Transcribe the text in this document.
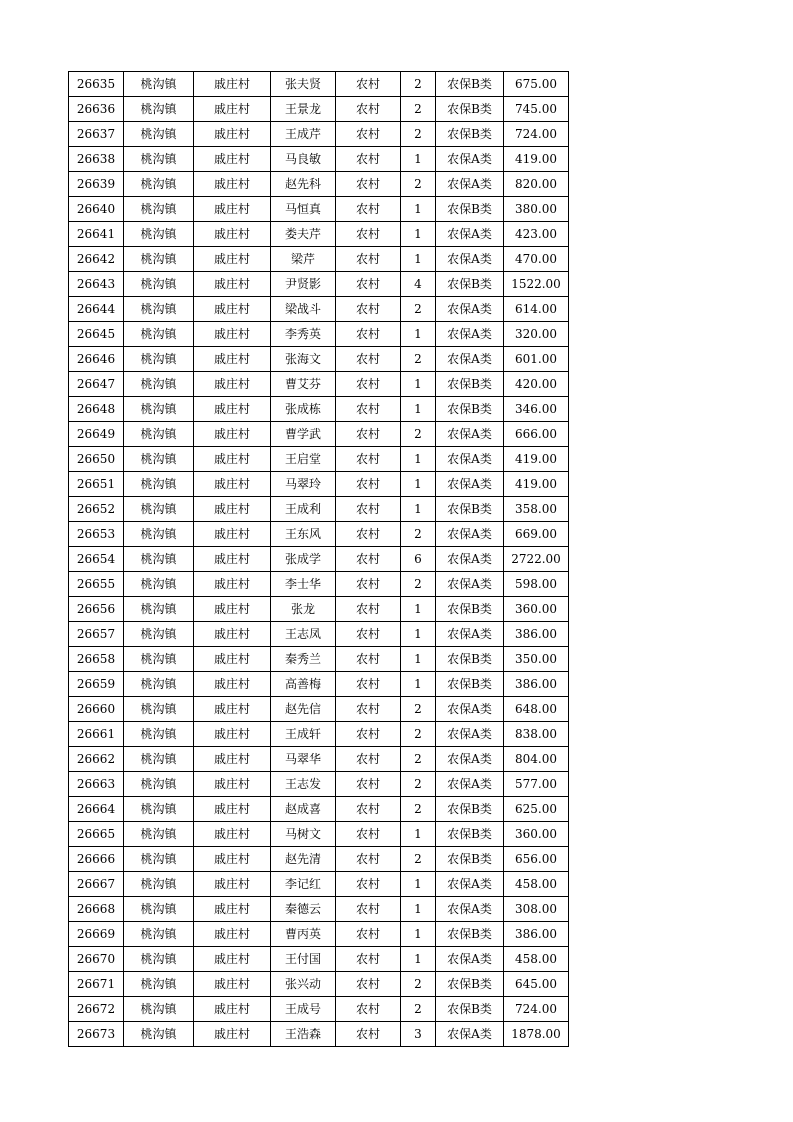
26635	桃沟镇	戚庄村	张夫贤	农村	2	农保B类	675.00
26636	桃沟镇	戚庄村	王景龙	农村	2	农保B类	745.00
26637	桃沟镇	戚庄村	王成芹	农村	2	农保B类	724.00
26638	桃沟镇	戚庄村	马良敏	农村	1	农保A类	419.00
26639	桃沟镇	戚庄村	赵先科	农村	2	农保A类	820.00
26640	桃沟镇	戚庄村	马恒真	农村	1	农保B类	380.00
26641	桃沟镇	戚庄村	娄夫芹	农村	1	农保A类	423.00
26642	桃沟镇	戚庄村	梁芹	农村	1	农保A类	470.00
26643	桃沟镇	戚庄村	尹贤影	农村	4	农保B类	1522.00
26644	桃沟镇	戚庄村	梁战斗	农村	2	农保A类	614.00
26645	桃沟镇	戚庄村	李秀英	农村	1	农保A类	320.00
26646	桃沟镇	戚庄村	张海文	农村	2	农保A类	601.00
26647	桃沟镇	戚庄村	曹艾芬	农村	1	农保B类	420.00
26648	桃沟镇	戚庄村	张成栋	农村	1	农保B类	346.00
26649	桃沟镇	戚庄村	曹学武	农村	2	农保A类	666.00
26650	桃沟镇	戚庄村	王启堂	农村	1	农保A类	419.00
26651	桃沟镇	戚庄村	马翠玲	农村	1	农保A类	419.00
26652	桃沟镇	戚庄村	王成利	农村	1	农保B类	358.00
26653	桃沟镇	戚庄村	王东风	农村	2	农保A类	669.00
26654	桃沟镇	戚庄村	张成学	农村	6	农保A类	2722.00
26655	桃沟镇	戚庄村	李士华	农村	2	农保A类	598.00
26656	桃沟镇	戚庄村	张龙	农村	1	农保B类	360.00
26657	桃沟镇	戚庄村	王志凤	农村	1	农保A类	386.00
26658	桃沟镇	戚庄村	秦秀兰	农村	1	农保B类	350.00
26659	桃沟镇	戚庄村	高善梅	农村	1	农保B类	386.00
26660	桃沟镇	戚庄村	赵先信	农村	2	农保A类	648.00
26661	桃沟镇	戚庄村	王成轩	农村	2	农保A类	838.00
26662	桃沟镇	戚庄村	马翠华	农村	2	农保A类	804.00
26663	桃沟镇	戚庄村	王志发	农村	2	农保A类	577.00
26664	桃沟镇	戚庄村	赵成喜	农村	2	农保B类	625.00
26665	桃沟镇	戚庄村	马树文	农村	1	农保B类	360.00
26666	桃沟镇	戚庄村	赵先清	农村	2	农保B类	656.00
26667	桃沟镇	戚庄村	李记红	农村	1	农保A类	458.00
26668	桃沟镇	戚庄村	秦德云	农村	1	农保A类	308.00
26669	桃沟镇	戚庄村	曹丙英	农村	1	农保B类	386.00
26670	桃沟镇	戚庄村	王付国	农村	1	农保A类	458.00
26671	桃沟镇	戚庄村	张兴动	农村	2	农保B类	645.00
26672	桃沟镇	戚庄村	王成号	农村	2	农保B类	724.00
26673	桃沟镇	戚庄村	王浩森	农村	3	农保A类	1878.00
